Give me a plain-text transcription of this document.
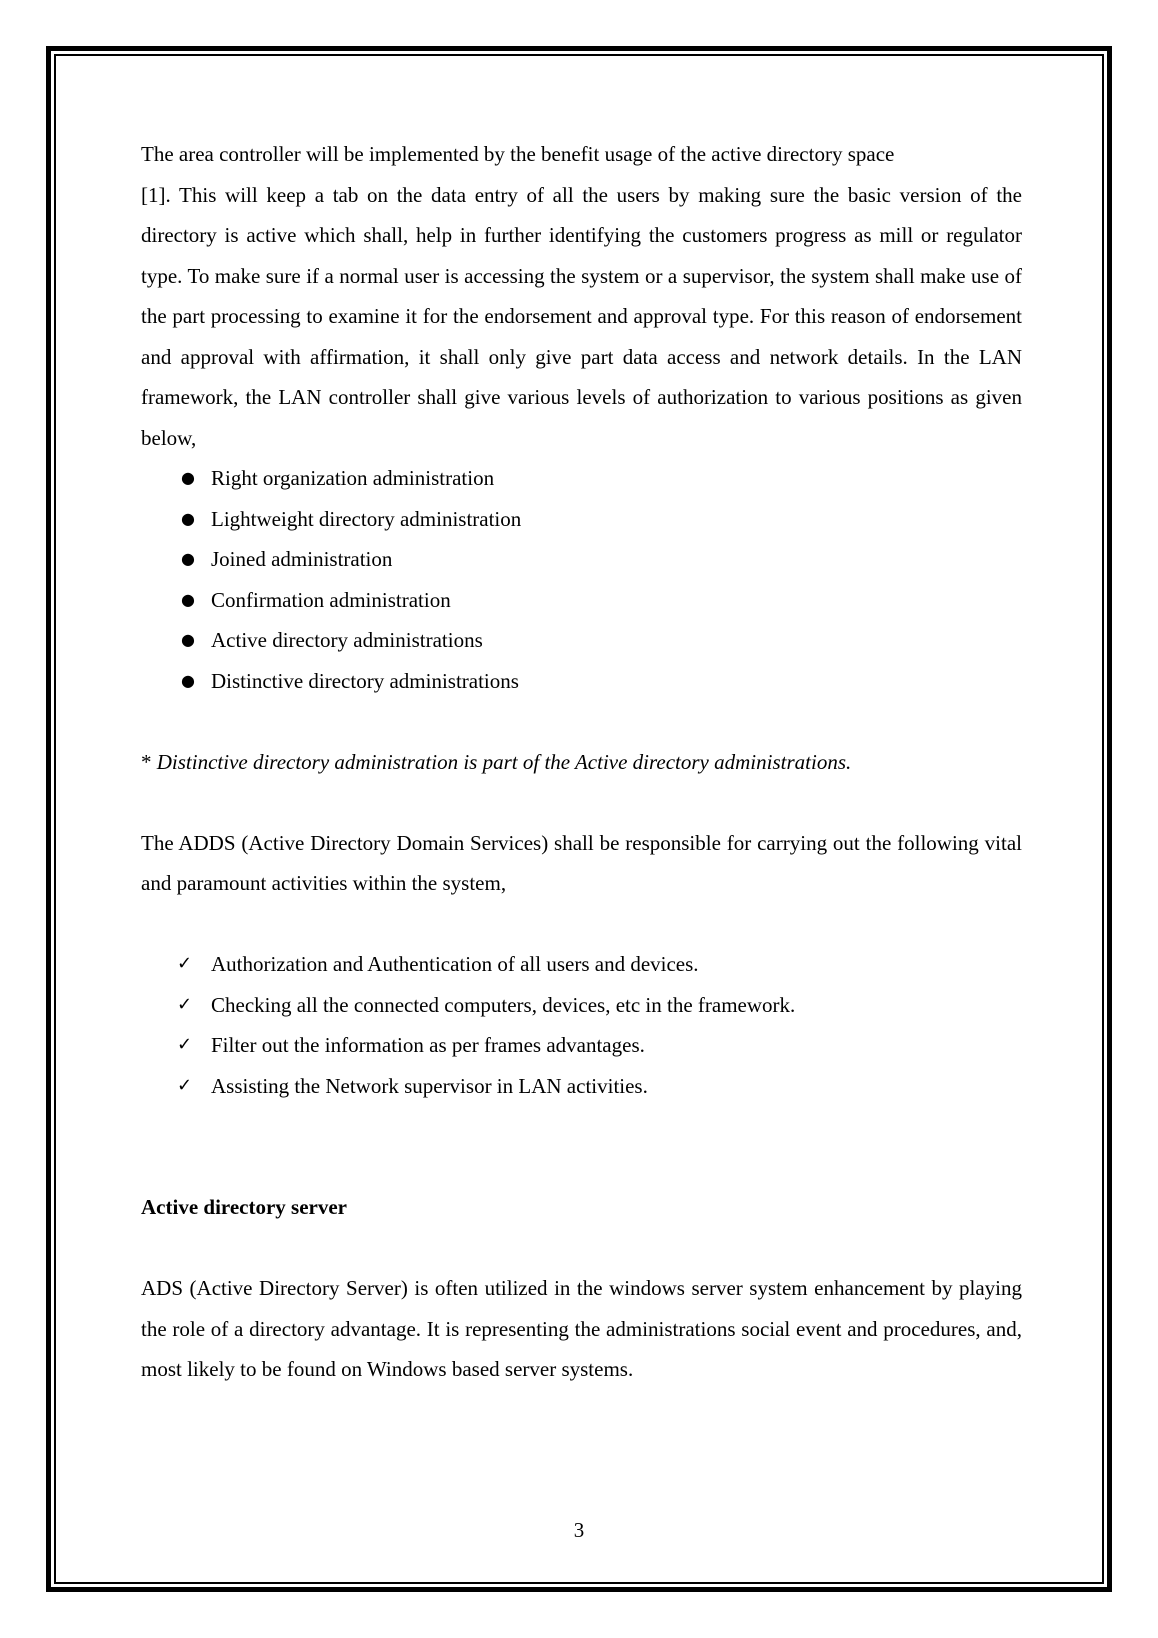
The area controller will be implemented by the benefit usage of the active directory space

[1]. This will keep a tab on the data entry of all the users by making sure the basic version of the directory is active which shall, help in further identifying the customers progress as mill or regulator type. To make sure if a normal user is accessing the system or a supervisor, the system shall make use of the part processing to examine it for the endorsement and approval type. For this reason of endorsement and approval with affirmation, it shall only give part data access and network details. In the LAN framework, the LAN controller shall give various levels of authorization to various positions as given below,

● Right organization administration
● Lightweight directory administration
● Joined administration
● Confirmation administration
● Active directory administrations
● Distinctive directory administrations

* Distinctive directory administration is part of the Active directory administrations.

The ADDS (Active Directory Domain Services) shall be responsible for carrying out the following vital and paramount activities within the system,

✓ Authorization and Authentication of all users and devices.
✓ Checking all the connected computers, devices, etc in the framework.
✓ Filter out the information as per frames advantages.
✓ Assisting the Network supervisor in LAN activities.

Active directory server

ADS (Active Directory Server) is often utilized in the windows server system enhancement by playing the role of a directory advantage. It is representing the administrations social event and procedures, and, most likely to be found on Windows based server systems.

3
